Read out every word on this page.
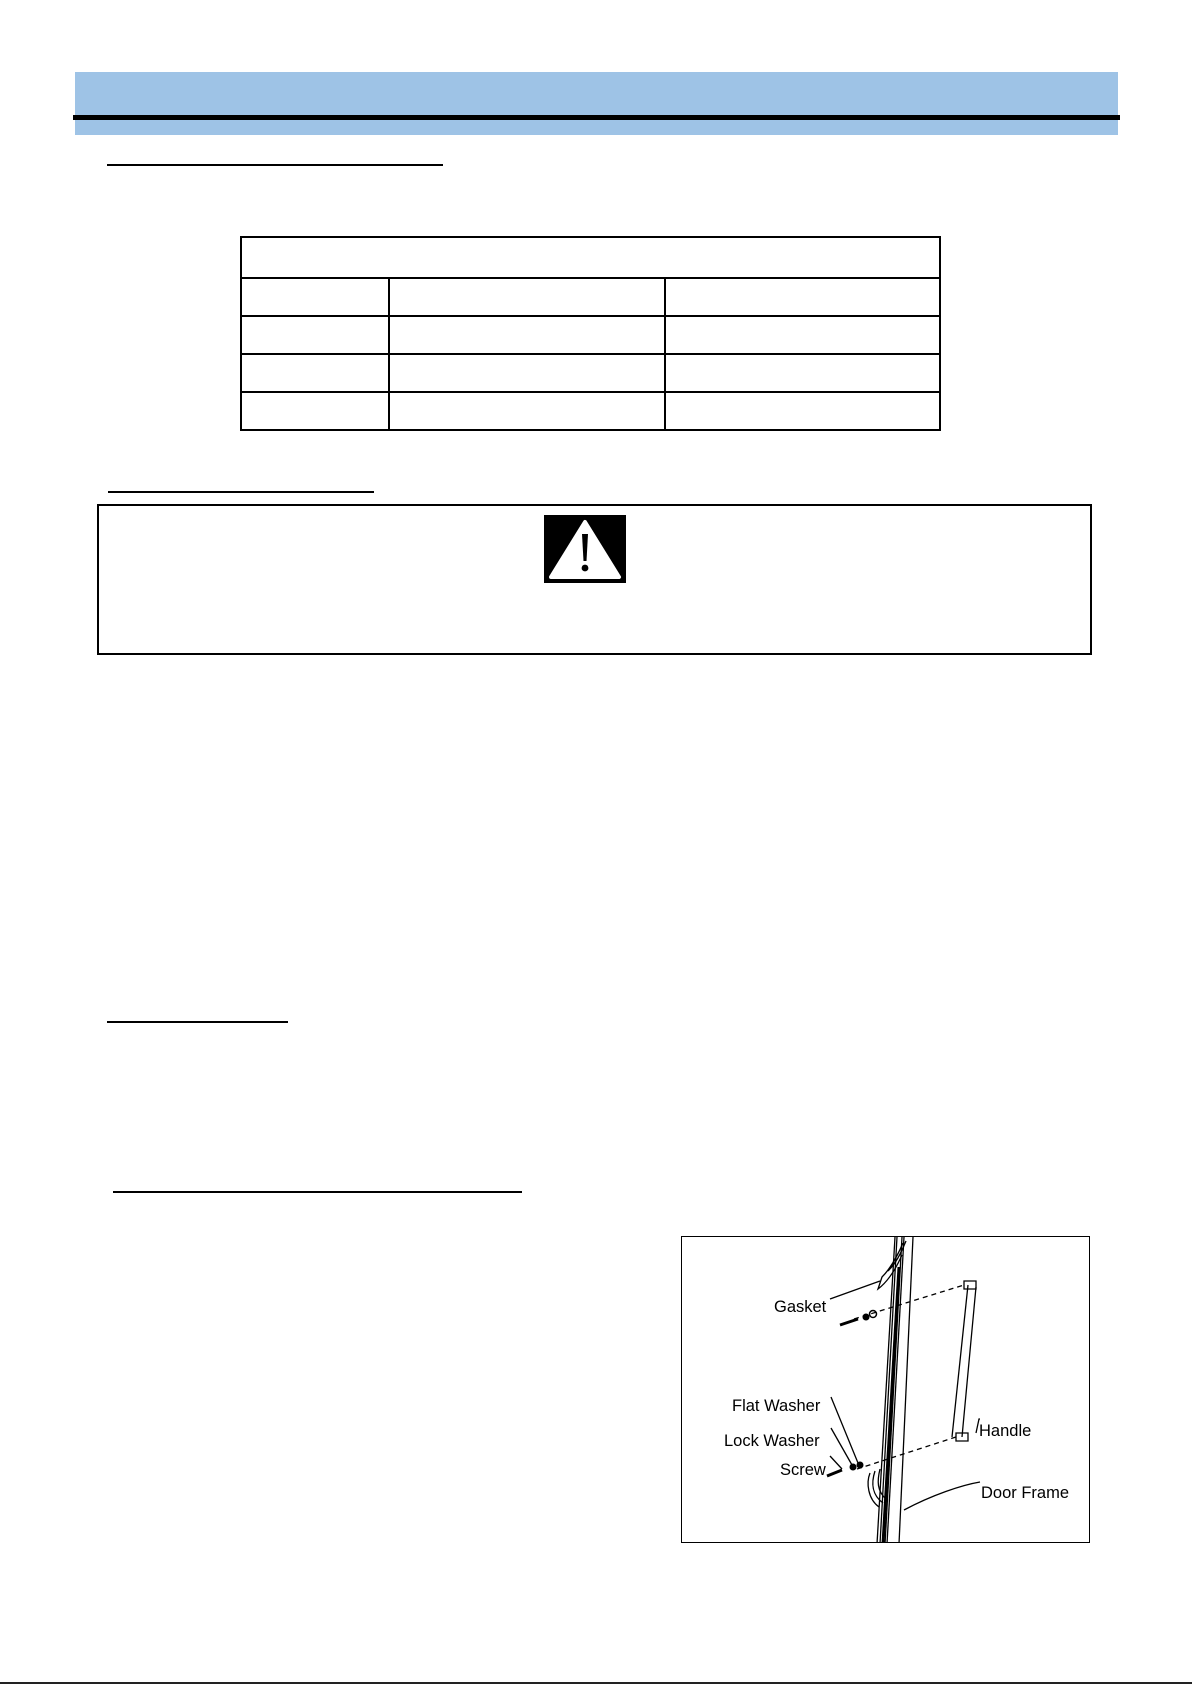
Gasket
Flat Washer
Lock Washer
Screw
Handle
Door Frame
